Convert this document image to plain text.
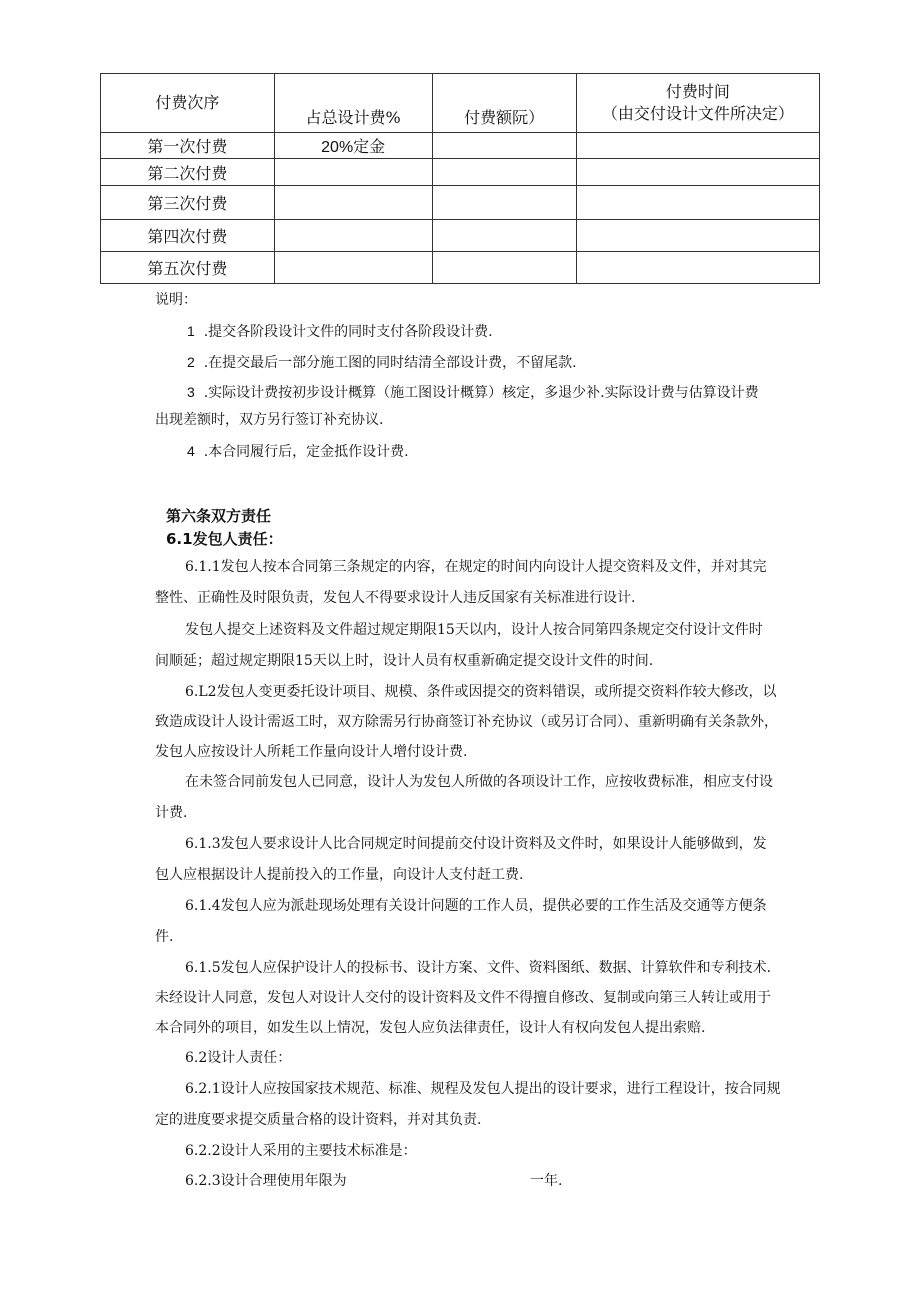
付费次序	占总设计费%	付费额阮）	付费时间
（由交付设计文件所决定）

第一次付费	20%定金		
第二次付费			
第三次付费			
第四次付费			
第五次付费			
说明：
1 .提交各阶段设计文件的同时支付各阶段设计费.
2 .在提交最后一部分施工图的同时结清全部设计费，不留尾款.
3 .实际设计费按初步设计概算（施工图设计概算）核定，多退少补.实际设计费与估算设计费
出现差额时，双方另行签订补充协议.
4 .本合同履行后，定金抵作设计费.
第六条双方责任
6.1发包人责任：
6.1.1发包人按本合同第三条规定的内容，在规定的时间内向设计人提交资料及文件，并对其完
整性、正确性及时限负责，发包人不得要求设计人违反国家有关标准进行设计.
发包人提交上述资料及文件超过规定期限15天以内，设计人按合同第四条规定交付设计文件时
间顺延；超过规定期限15天以上时，设计人员有权重新确定提交设计文件的时间.
6.L2发包人变更委托设计项目、规模、条件或因提交的资料错误，或所提交资料作较大修改，以
致造成设计人设计需返工时，双方除需另行协商签订补充协议（或另订合同）、重新明确有关条款外，
发包人应按设计人所耗工作量向设计人增付设计费.
在未签合同前发包人已同意，设计人为发包人所做的各项设计工作，应按收费标准，相应支付设
计费.
6.1.3发包人要求设计人比合同规定时间提前交付设计资料及文件时，如果设计人能够做到，发
包人应根据设计人提前投入的工作量，向设计人支付赶工费.
6.1.4发包人应为派赴现场处理有关设计问题的工作人员，提供必要的工作生活及交通等方便条
件.
6.1.5发包人应保护设计人的投标书、设计方案、文件、资料图纸、数据、计算软件和专利技术.
未经设计人同意，发包人对设计人交付的设计资料及文件不得擅自修改、复制或向第三人转让或用于
本合同外的项目，如发生以上情况，发包人应负法律责任，设计人有权向发包人提出索赔.
6.2设计人责任：
6.2.1设计人应按国家技术规范、标准、规程及发包人提出的设计要求，进行工程设计，按合同规
定的进度要求提交质量合格的设计资料，并对其负责.
6.2.2设计人采用的主要技术标准是：
6.2.3设计合理使用年限为	一年.
